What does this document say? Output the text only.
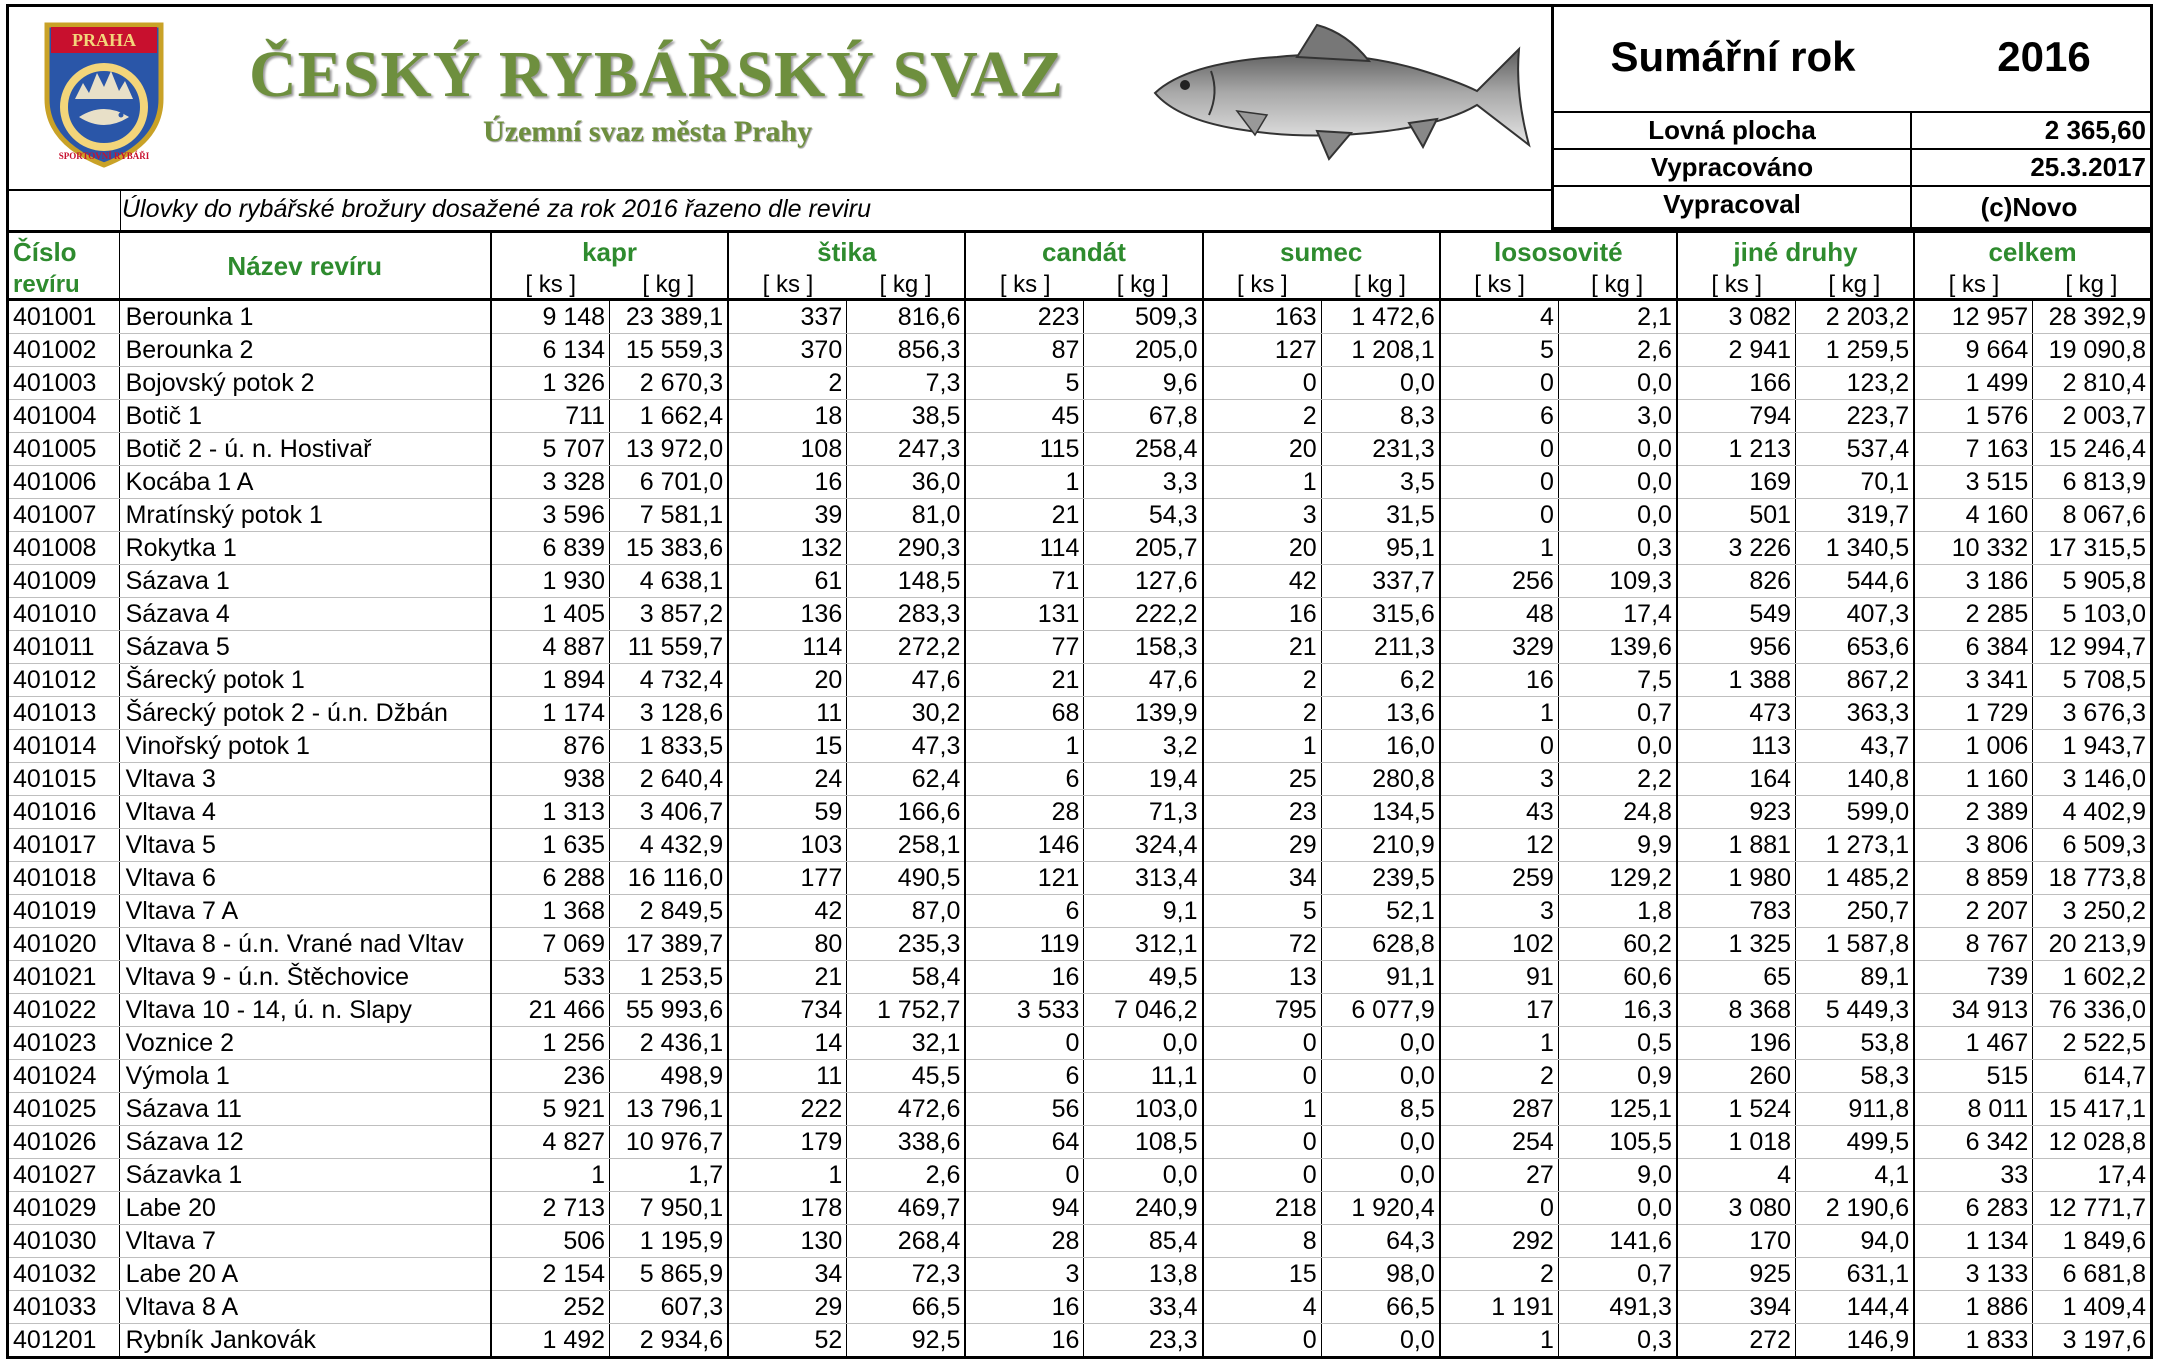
PRAHA
SPORTOVNÍ RYBÁŘI
ČESKÝ RYBÁŘSKÝ SVAZ
Územní svaz města Prahy
Sumářní rok	2016
Lovná plocha	2 365,60
Vypracováno	25.3.2017
Vypracoval	(c)Novo
Úlovky do rybářské brožury dosažené za rok 2016 řazeno dle reviru
Číslo	Název revíru	kapr		štika		candát		sumec		lososovité		jiné druhy		celkem	
revíru		[ ks ]	[ kg ]	[ ks ]	[ kg ]	[ ks ]	[ kg ]	[ ks ]	[ kg ]	[ ks ]	[ kg ]	[ ks ]	[ kg ]	[ ks ]	[ kg ]
401001	Berounka 1	9 148	23 389,1	337	816,6	223	509,3	163	1 472,6	4	2,1	3 082	2 203,2	12 957	28 392,9
401002	Berounka 2	6 134	15 559,3	370	856,3	87	205,0	127	1 208,1	5	2,6	2 941	1 259,5	9 664	19 090,8
401003	Bojovský potok 2	1 326	2 670,3	2	7,3	5	9,6	0	0,0	0	0,0	166	123,2	1 499	2 810,4
401004	Botič 1	711	1 662,4	18	38,5	45	67,8	2	8,3	6	3,0	794	223,7	1 576	2 003,7
401005	Botič 2 - ú. n. Hostivař	5 707	13 972,0	108	247,3	115	258,4	20	231,3	0	0,0	1 213	537,4	7 163	15 246,4
401006	Kocába 1 A	3 328	6 701,0	16	36,0	1	3,3	1	3,5	0	0,0	169	70,1	3 515	6 813,9
401007	Mratínský potok 1	3 596	7 581,1	39	81,0	21	54,3	3	31,5	0	0,0	501	319,7	4 160	8 067,6
401008	Rokytka 1	6 839	15 383,6	132	290,3	114	205,7	20	95,1	1	0,3	3 226	1 340,5	10 332	17 315,5
401009	Sázava 1	1 930	4 638,1	61	148,5	71	127,6	42	337,7	256	109,3	826	544,6	3 186	5 905,8
401010	Sázava 4	1 405	3 857,2	136	283,3	131	222,2	16	315,6	48	17,4	549	407,3	2 285	5 103,0
401011	Sázava 5	4 887	11 559,7	114	272,2	77	158,3	21	211,3	329	139,6	956	653,6	6 384	12 994,7
401012	Šárecký potok 1	1 894	4 732,4	20	47,6	21	47,6	2	6,2	16	7,5	1 388	867,2	3 341	5 708,5
401013	Šárecký potok 2 - ú.n. Džbán	1 174	3 128,6	11	30,2	68	139,9	2	13,6	1	0,7	473	363,3	1 729	3 676,3
401014	Vinořský potok 1	876	1 833,5	15	47,3	1	3,2	1	16,0	0	0,0	113	43,7	1 006	1 943,7
401015	Vltava 3	938	2 640,4	24	62,4	6	19,4	25	280,8	3	2,2	164	140,8	1 160	3 146,0
401016	Vltava 4	1 313	3 406,7	59	166,6	28	71,3	23	134,5	43	24,8	923	599,0	2 389	4 402,9
401017	Vltava 5	1 635	4 432,9	103	258,1	146	324,4	29	210,9	12	9,9	1 881	1 273,1	3 806	6 509,3
401018	Vltava 6	6 288	16 116,0	177	490,5	121	313,4	34	239,5	259	129,2	1 980	1 485,2	8 859	18 773,8
401019	Vltava 7 A	1 368	2 849,5	42	87,0	6	9,1	5	52,1	3	1,8	783	250,7	2 207	3 250,2
401020	Vltava 8 - ú.n. Vrané nad Vltav	7 069	17 389,7	80	235,3	119	312,1	72	628,8	102	60,2	1 325	1 587,8	8 767	20 213,9
401021	Vltava 9 - ú.n. Štěchovice	533	1 253,5	21	58,4	16	49,5	13	91,1	91	60,6	65	89,1	739	1 602,2
401022	Vltava 10 - 14, ú. n. Slapy	21 466	55 993,6	734	1 752,7	3 533	7 046,2	795	6 077,9	17	16,3	8 368	5 449,3	34 913	76 336,0
401023	Voznice 2	1 256	2 436,1	14	32,1	0	0,0	0	0,0	1	0,5	196	53,8	1 467	2 522,5
401024	Výmola 1	236	498,9	11	45,5	6	11,1	0	0,0	2	0,9	260	58,3	515	614,7
401025	Sázava 11	5 921	13 796,1	222	472,6	56	103,0	1	8,5	287	125,1	1 524	911,8	8 011	15 417,1
401026	Sázava 12	4 827	10 976,7	179	338,6	64	108,5	0	0,0	254	105,5	1 018	499,5	6 342	12 028,8
401027	Sázavka 1	1	1,7	1	2,6	0	0,0	0	0,0	27	9,0	4	4,1	33	17,4
401029	Labe 20	2 713	7 950,1	178	469,7	94	240,9	218	1 920,4	0	0,0	3 080	2 190,6	6 283	12 771,7
401030	Vltava 7	506	1 195,9	130	268,4	28	85,4	8	64,3	292	141,6	170	94,0	1 134	1 849,6
401032	Labe 20 A	2 154	5 865,9	34	72,3	3	13,8	15	98,0	2	0,7	925	631,1	3 133	6 681,8
401033	Vltava 8 A	252	607,3	29	66,5	16	33,4	4	66,5	1 191	491,3	394	144,4	1 886	1 409,4
401201	Rybník Jankovák	1 492	2 934,6	52	92,5	16	23,3	0	0,0	1	0,3	272	146,9	1 833	3 197,6
